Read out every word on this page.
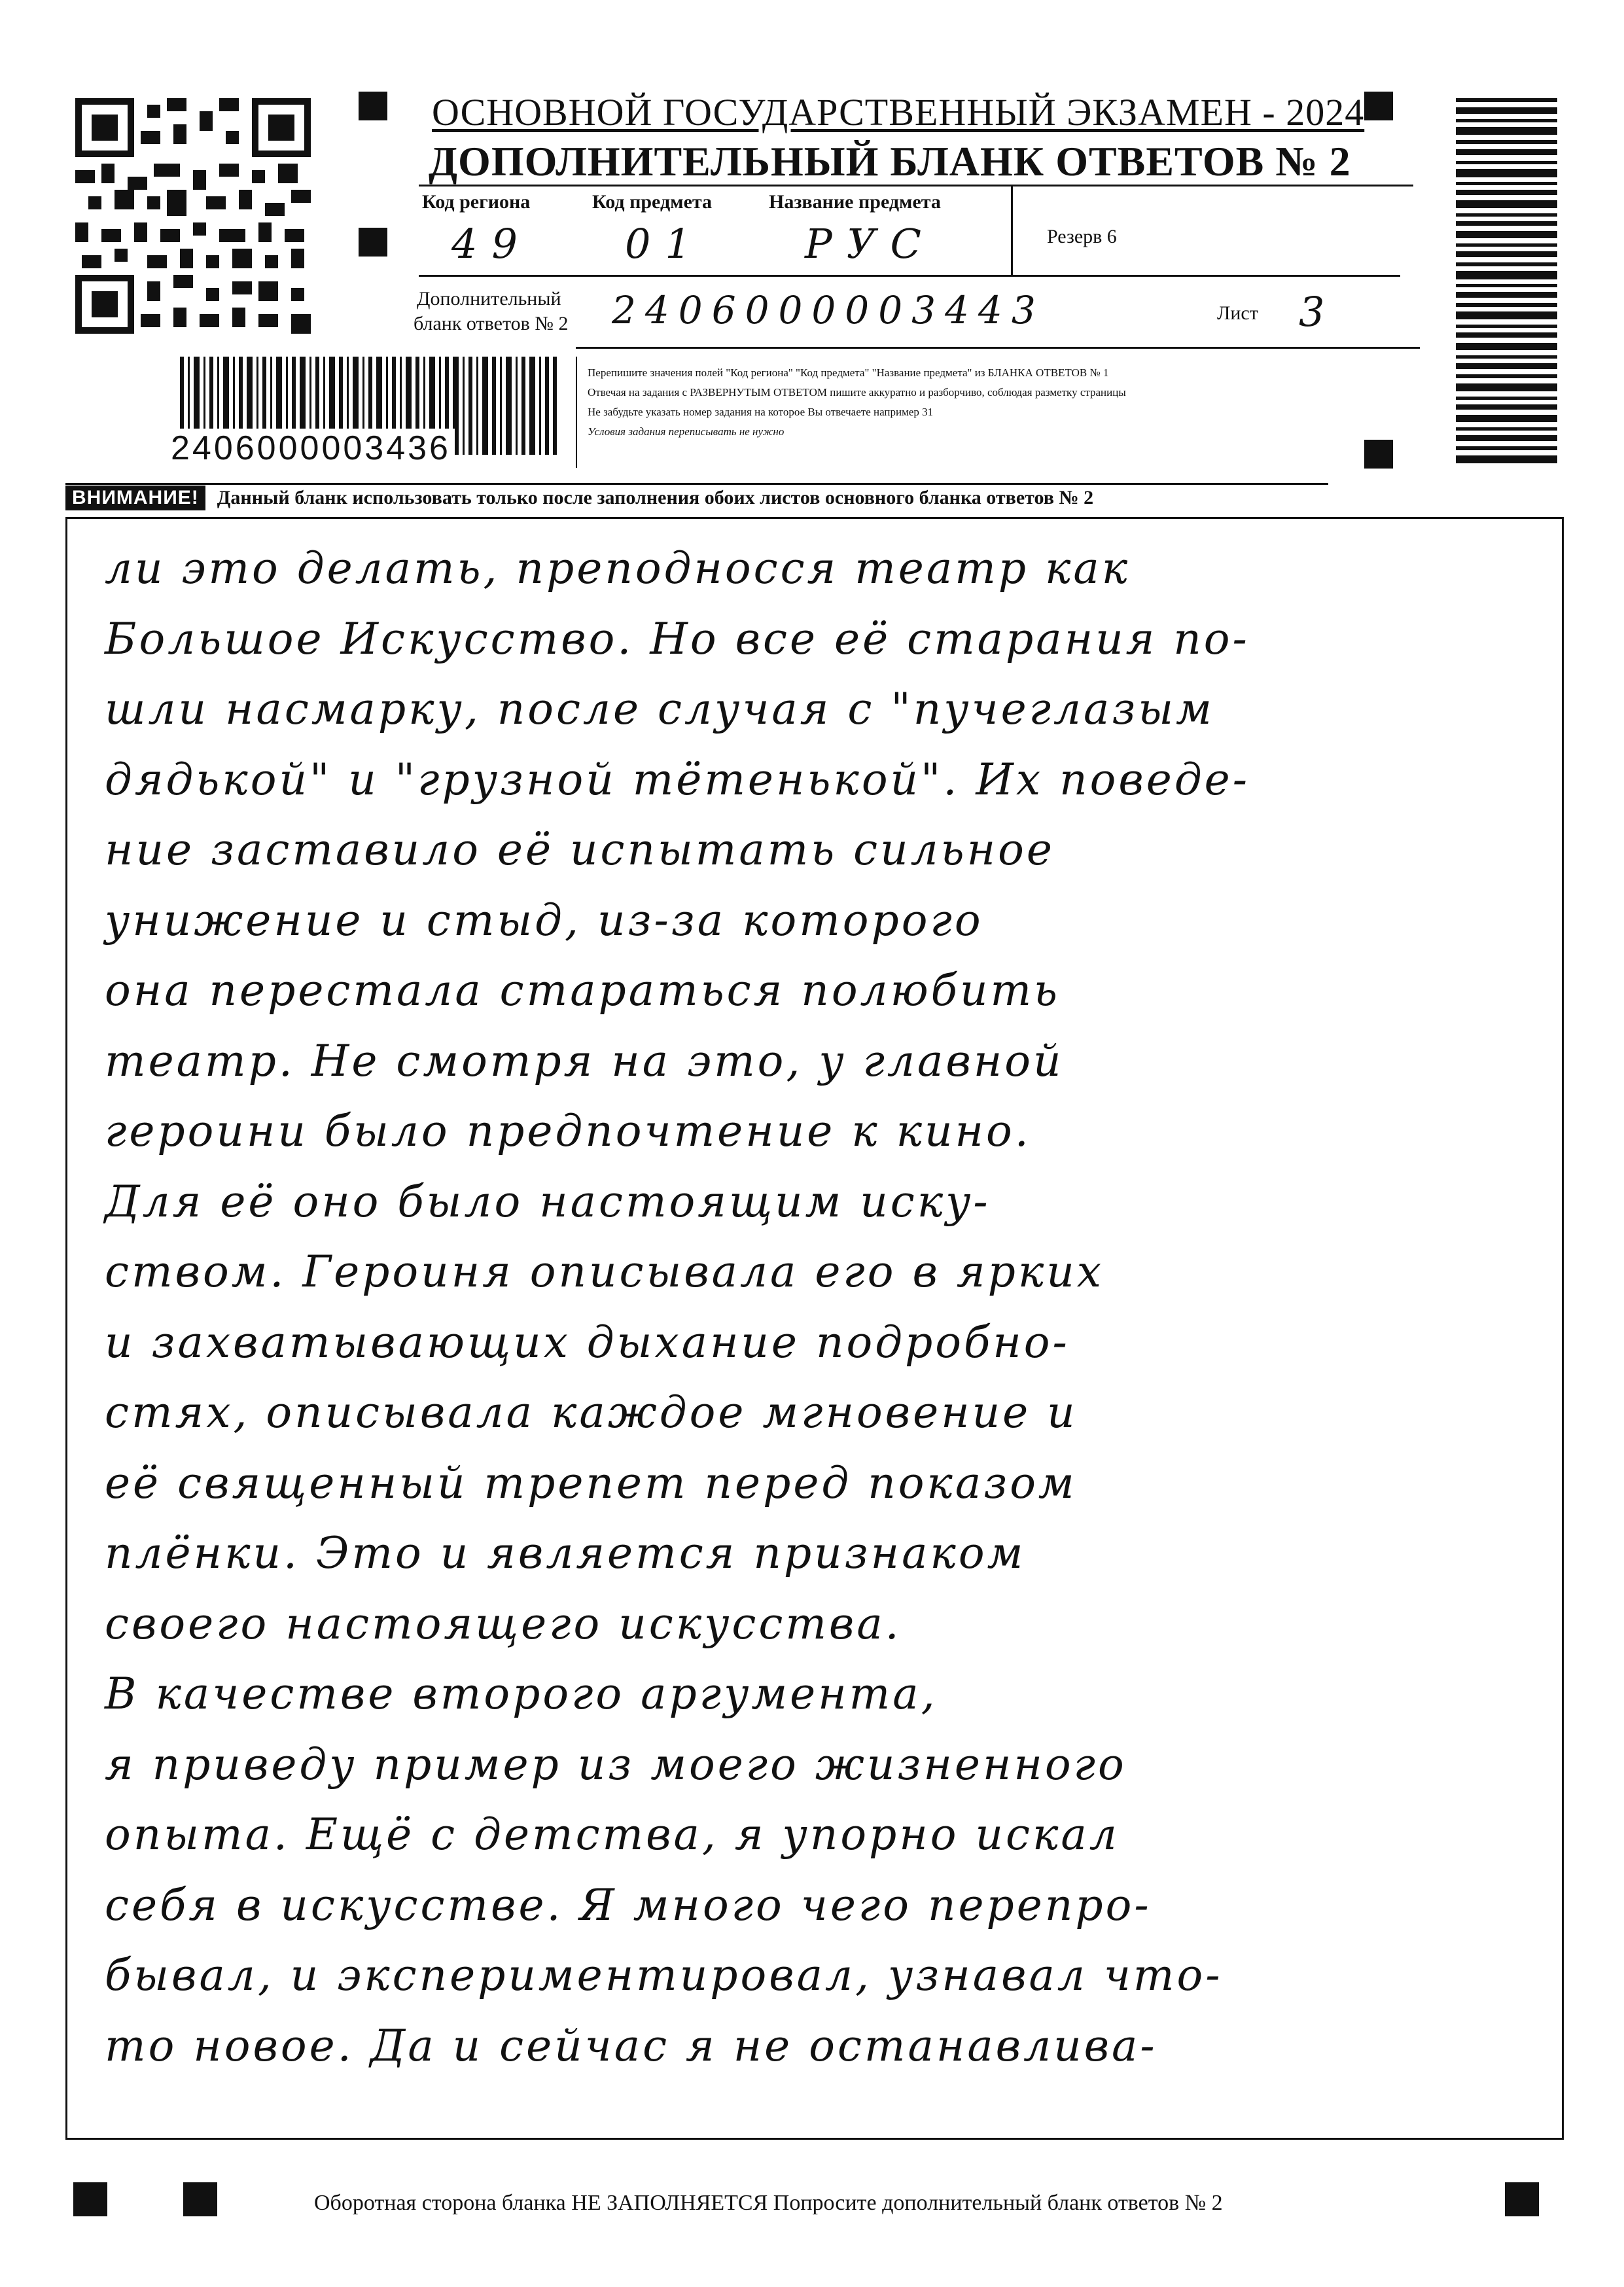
ОСНОВНОЙ ГОСУДАРСТВЕННЫЙ ЭКЗАМЕН - 2024
ДОПОЛНИТЕЛЬНЫЙ БЛАНК ОТВЕТОВ № 2
Код региона	Код предмета	Название предмета
49 01 РУС	Резерв 6
Дополнительный
бланк ответов № 2 2406000003443	Лист 3
2406000003436
Перепишите значения полей "Код региона" "Код предмета" "Название предмета" из БЛАНКА ОТВЕТОВ № 1
Отвечая на задания с РАЗВЕРНУТЫМ ОТВЕТОМ пишите аккуратно и разборчиво, соблюдая разметку страницы
Не забудьте указать номер задания на которое Вы отвечаете например 31
Условия задания переписывать не нужно
ВНИМАНИЕ! Данный бланк использовать только после заполнения обоих листов основного бланка ответов № 2
ли это делать, преподносся театр как
Большое Искусство. Но все её старания по-
шли насмарку, после случая с "пучеглазым
дядькой" и "грузной тётенькой". Их поведе-
ние заставило её испытать сильное
унижение и стыд, из-за которого
она перестала стараться полюбить
театр. Не смотря на это, у главной
героини было предпочтение к кино.
Для её оно было настоящим иску-
ством. Героиня описывала его в ярких
и захватывающих дыхание подробно-
стях, описывала каждое мгновение и
её священный трепет перед показом
плёнки. Это и является признаком
своего настоящего искусства.
В качестве второго аргумента,
я приведу пример из моего жизненного
опыта. Ещё с детства, я упорно искал
себя в искусстве. Я много чего перепро-
бывал, и экспериментировал, узнавал что-
то новое. Да и сейчас я не останавлива-
Оборотная сторона бланка НЕ ЗАПОЛНЯЕТСЯ Попросите дополнительный бланк ответов № 2
